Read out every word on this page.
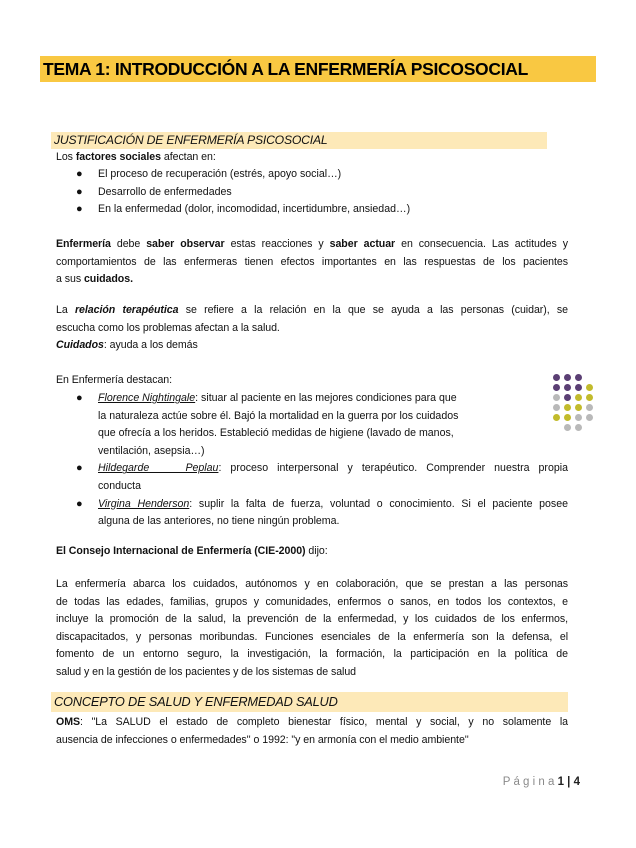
TEMA 1: INTRODUCCIÓN A LA ENFERMERÍA PSICOSOCIAL
JUSTIFICACIÓN DE ENFERMERÍA PSICOSOCIAL
Los factores sociales afectan en:
● El proceso de recuperación (estrés, apoyo social…)
● Desarrollo de enfermedades
● En la enfermedad (dolor, incomodidad, incertidumbre, ansiedad…)
Enfermería debe saber observar estas reacciones y saber actuar en consecuencia. Las actitudes y
comportamientos de las enfermeras tienen efectos importantes en las respuestas de los pacientes
a sus cuidados.
La relación terapéutica se refiere a la relación en la que se ayuda a las personas (cuidar), se
escucha como los problemas afectan a la salud.
Cuidados: ayuda a los demás
En Enfermería destacan:
● Florence Nightingale: situar al paciente en las mejores condiciones para que
la naturaleza actúe sobre él. Bajó la mortalidad en la guerra por los cuidados
que ofrecía a los heridos. Estableció medidas de higiene (lavado de manos,
ventilación, asepsia…)
● Hildegarde    Peplau: proceso interpersonal y terapéutico. Comprender nuestra propia
conducta
● Virgina Henderson: suplir la falta de fuerza, voluntad o conocimiento. Si el paciente posee
alguna de las anteriores, no tiene ningún problema.
El Consejo Internacional de Enfermería (CIE-2000) dijo:
La enfermería abarca los cuidados, autónomos y en colaboración, que se prestan a las personas
de todas las edades, familias, grupos y comunidades, enfermos o sanos, en todos los contextos, e
incluye la promoción de la salud, la prevención de la enfermedad, y los cuidados de los enfermos,
discapacitados, y personas moribundas. Funciones esenciales de la enfermería son la defensa, el
fomento de un entorno seguro, la investigación, la formación, la participación en la política de
salud y en la gestión de los pacientes y de los sistemas de salud
CONCEPTO DE SALUD Y ENFERMEDAD SALUD
OMS: "La SALUD el estado de completo bienestar físico, mental y social, y no solamente la
ausencia de infecciones o enfermedades'' o 1992: "y en armonía con el medio ambiente''
P á g i n a 1 | 4
